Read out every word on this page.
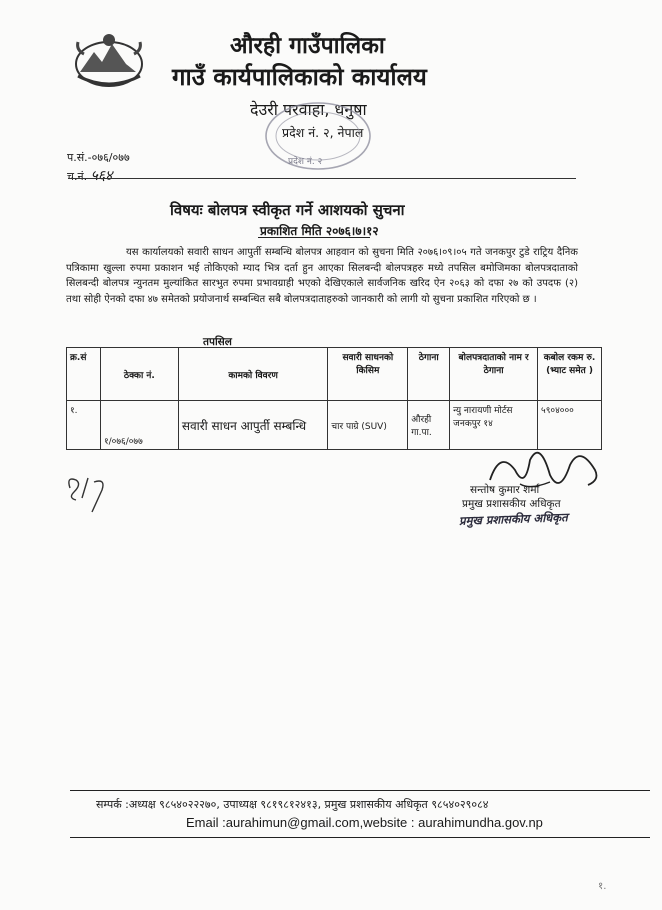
औरही गाउँपालिका
गाउँ कार्यपालिकाको कार्यालय
देउरी परवाहा, धनुषा
प्रदेश नं. २, नेपाल
प्रदेश नं. २
प.सं.-०७६/०७७
च.नं. ५६४
विषयः बोलपत्र स्वीकृत गर्ने आशयको सुचना
प्रकाशित मिति २०७६।७।१२

यस कार्यालयको सवारी साधन आपुर्ती सम्बन्धि बोलपत्र आहवान को सुचना मिति २०७६।०९।०५ गते जनकपुर टुडे राट्रिय दैनिक पत्रिकामा खुल्ला रुपमा प्रकाशन भई तोकिएको म्याद भित्र दर्ता हुन आएका सिलबन्दी बोलपत्रहरु मध्ये तपसिल बमोजिमका बोलपत्रदाताको सिलबन्दी बोलपत्र न्युनतम मुल्यांकित सारभुत रुपमा प्रभावग्राही भएको देखिएकाले सार्वजनिक खरिद ऐन २०६३ को दफा २७ को उपदफ (२) तथा सोही ऐनको दफा ४७ समेतको प्रयोजनार्थ सम्बन्धित सबै बोलपत्रदाताहरुको जानकारी को लागी यो सुचना प्रकाशित गरिएको छ ।

तपसिल
क्र.सं	ठेक्का नं.	कामको विवरण	सवारी साधनको किसिम	ठेगाना	बोलपत्रदाताको नाम र ठेगाना	कबोल रकम रु. (भ्याट समेत )
१.	१/०७६/०७७	सवारी साधन आपुर्ती सम्बन्धि	चार पाग्रे (SUV)	औरही गा.पा.	न्यु नारायणी मोर्टस जनकपुर १४	५९०४०००
सन्तोष कुमार शर्मा
प्रमुख प्रशासकीय अधिकृत
प्रमुख प्रशासकीय अधिकृत
सम्पर्क :अध्यक्ष ९८५४०२२२७०, उपाध्यक्ष ९८१९८१२४१३, प्रमुख प्रशासकीय अधिकृत ९८५४०२९०८४
Email :aurahimun@gmail.com,website : aurahimundha.gov.np
१.
